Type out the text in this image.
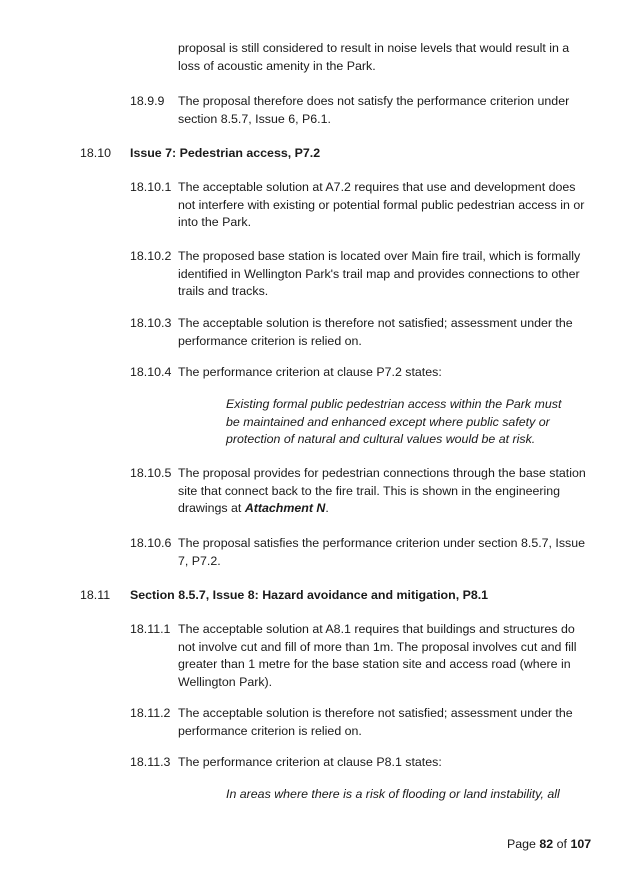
proposal is still considered to result in noise levels that would result in a loss of acoustic amenity in the Park.
18.9.9 The proposal therefore does not satisfy the performance criterion under section 8.5.7, Issue 6, P6.1.
18.10 Issue 7: Pedestrian access, P7.2
18.10.1 The acceptable solution at A7.2 requires that use and development does not interfere with existing or potential formal public pedestrian access in or into the Park.
18.10.2 The proposed base station is located over Main fire trail, which is formally identified in Wellington Park's trail map and provides connections to other trails and tracks.
18.10.3 The acceptable solution is therefore not satisfied; assessment under the performance criterion is relied on.
18.10.4 The performance criterion at clause P7.2 states:
Existing formal public pedestrian access within the Park must be maintained and enhanced except where public safety or protection of natural and cultural values would be at risk.
18.10.5 The proposal provides for pedestrian connections through the base station site that connect back to the fire trail. This is shown in the engineering drawings at Attachment N.
18.10.6 The proposal satisfies the performance criterion under section 8.5.7, Issue 7, P7.2.
18.11 Section 8.5.7, Issue 8: Hazard avoidance and mitigation, P8.1
18.11.1 The acceptable solution at A8.1 requires that buildings and structures do not involve cut and fill of more than 1m. The proposal involves cut and fill greater than 1 metre for the base station site and access road (where in Wellington Park).
18.11.2 The acceptable solution is therefore not satisfied; assessment under the performance criterion is relied on.
18.11.3 The performance criterion at clause P8.1 states:
In areas where there is a risk of flooding or land instability, all
Page 82 of 107
